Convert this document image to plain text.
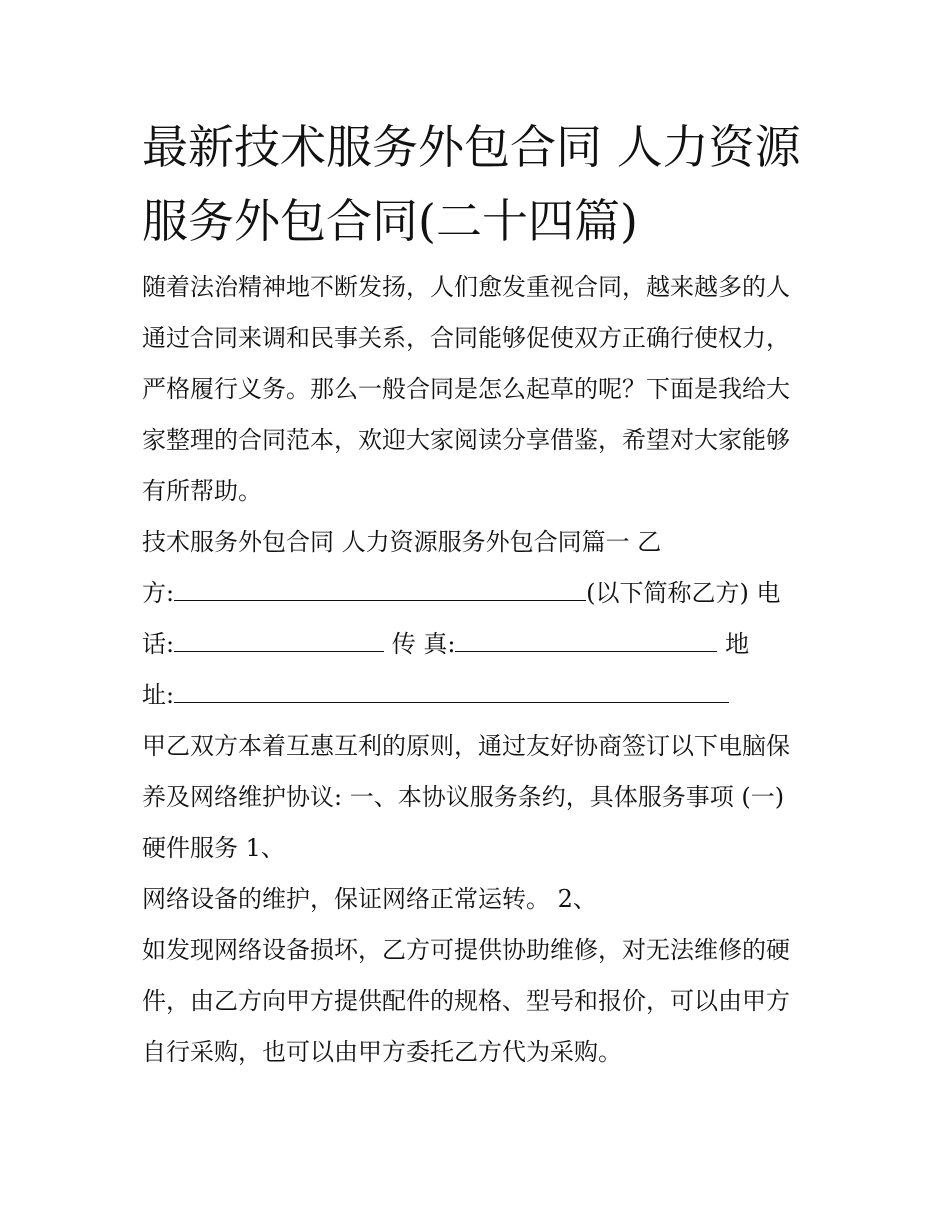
最新技术服务外包合同 人力资源服务外包合同(二十四篇)

随着法治精神地不断发扬，人们愈发重视合同，越来越多的人通过合同来调和民事关系，合同能够促使双方正确行使权力，严格履行义务。那么一般合同是怎么起草的呢？下面是我给大家整理的合同范本，欢迎大家阅读分享借鉴，希望对大家能够有所帮助。

技术服务外包合同 人力资源服务外包合同篇一 乙

方:	(以下简称乙方) 电

话:	传 真:	地

址:

甲乙双方本着互惠互利的原则，通过友好协商签订以下电脑保养及网络维护协议: 一、本协议服务条约，具体服务事项 (一) 硬件服务 1、

网络设备的维护，保证网络正常运转。 2、

如发现网络设备损坏，乙方可提供协助维修，对无法维修的硬件，由乙方向甲方提供配件的规格、型号和报价，可以由甲方自行采购，也可以由甲方委托乙方代为采购。
